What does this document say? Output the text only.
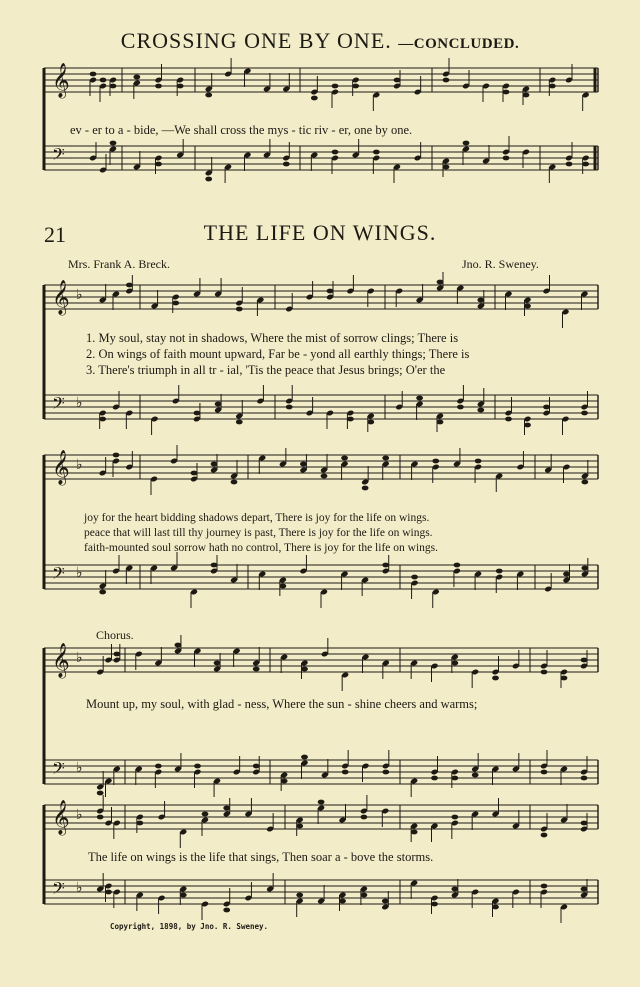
CROSSING ONE BY ONE. —CONCLUDED.
ev - er to a - bide, —We shall cross the mys - tic riv - er, one by one.
21	THE LIFE ON WINGS.
Mrs. Frank A. Breck.	Jno. R. Sweney.
1. My soul, stay not in shadows, Where the mist of sorrow clings; There is
2. On wings of faith mount upward, Far be - yond all earthly things; There is
3. There's triumph in all tr - ial, 'Tis the peace that Jesus brings; O'er the
joy for the heart bidding shadows depart, There is joy for the life on wings.
peace that will last till thy journey is past, There is joy for the life on wings.
faith-mounted soul sorrow hath no control, There is joy for the life on wings.
Chorus.
Mount up, my soul, with glad - ness, Where the sun - shine cheers and warms;
The life on wings is the life that sings, Then soar a - bove the storms.
Copyright, 1898, by Jno. R. Sweney.
𝄞
𝄢
𝄞
𝄢
♭
♭
𝄞
𝄢
♭
♭
𝄞
𝄢
♭
♭
𝄞
𝄢
♭
♭
